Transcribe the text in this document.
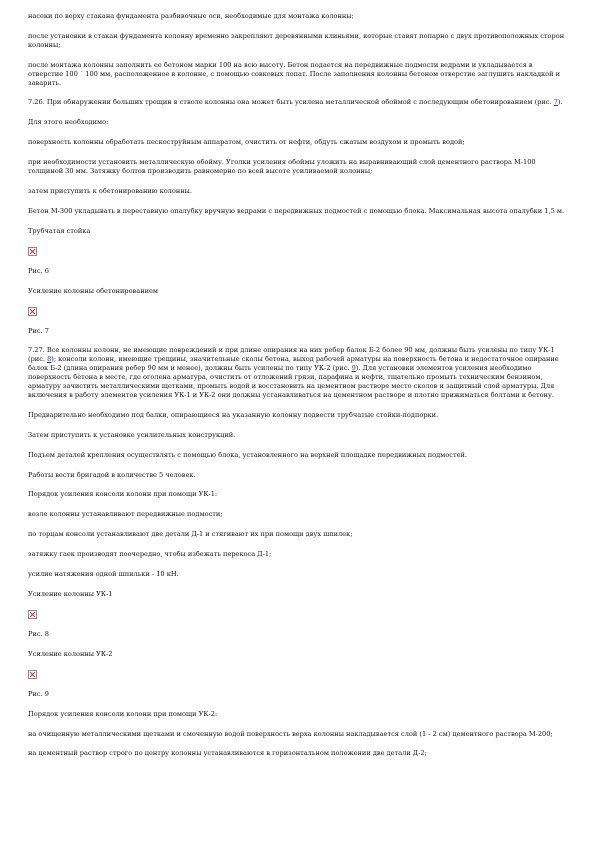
насеки по верху стакана фундамента разбивочные оси, необходимые для монтажа колонны;

после установки в стакан фундамента колонну временно закрепляют деревянными клиньями, которые ставят попарно с двух противоположных сторон колонны;

после монтажа колонны заполнить ее бетоном марки 100 на всю высоту. Бетон подается на передвижные подмости ведрами и укладывается в отверстие 100 ´ 100 мм, расположенное в колонне, с помощью совковых лопат. После заполнения колонны бетоном отверстие заглушить накладкой и заварить.

7.26. При обнаружении больших трещин в стволе колонны она может быть усилена металлической обоймой с последующим обетонированием (рис. 7).

Для этого необходимо:

поверхность колонны обработать пескоструйным аппаратом, очистить от нефти, обдуть сжатым воздухом и промыть водой;

при необходимости установить металлическую обойму. Уголки усиления обоймы уложить на выравнивающий слой цементного раствора М-100 толщиной 30 мм. Затяжку болтов производить равномерно по всей высоте усиливаемой колонны;

затем приступить к обетонированию колонны.

Бетон М-300 укладывать в переставную опалубку вручную ведрами с передвижных подмостей с помощью блока. Максимальная высота опалубки 1,5 м.

Трубчатая стойка

Рис. 6

Усиление колонны обетонированием

Рис. 7

7.27. Все колонны колонн, не имеющие повреждений и при длине опирания на них ребер балок Б-2 более 90 мм, должны быть усилены по типу УК-1 (рис. 8); консоли колонн, имеющие трещины, значительные сколы бетона, выход рабочей арматуры на поверхность бетона и недостаточное опирание балок Б-2 (длина опирания ребер 90 мм и менее), должны быть усилены по типу УК-2 (рис. 9). Для установки элементов усиления необходимо поверхность бетона в месте, где оголена арматура, очистить от отложений грязи, парафина и нефти, тщательно промыть техническим бензином, арматуру зачистить металлическими щетками, промыть водой и восстановить на цементном растворе место сколов и защитный слой арматуры. Для включения в работу элементов усиления УК-1 и УК-2 они должны устанавливаться на цементном растворе и плотно прижиматься болтами к бетону.

Предварительно необходимо под балки, опирающиеся на указанную колонну подвести трубчатые стойки-подпорки.

Затем приступить к установке усилительных конструкций.

Подъем деталей крепления осуществлять с помощью блока, установленного на верхней площадке передвижных подмостей.

Работы вести бригадой в количестве 5 человек.

Порядок усиления консоли колонн при помощи УК-1:

возле колонны устанавливают передвижные подмости;

по торцам консоли устанавливают две детали Д-1 и стягивают их при помощи двух шпилек;

затяжку гаек производят поочередно, чтобы избежать перекоса Д-1;

усилие натяжения одной шпильки - 10 кН.

Усиление колонны УК-1

Рис. 8

Усиление колонны УК-2

Рис. 9

Порядок усиления консоли колонн при помощи УК-2:

на очищенную металлическими щетками и смоченную водой поверхность верха колонны накладывается слой (1 - 2 см) цементного раствора М-200;

на цементный раствор строго по центру колонны устанавливаются в горизонтальном положении две детали Д-2;
